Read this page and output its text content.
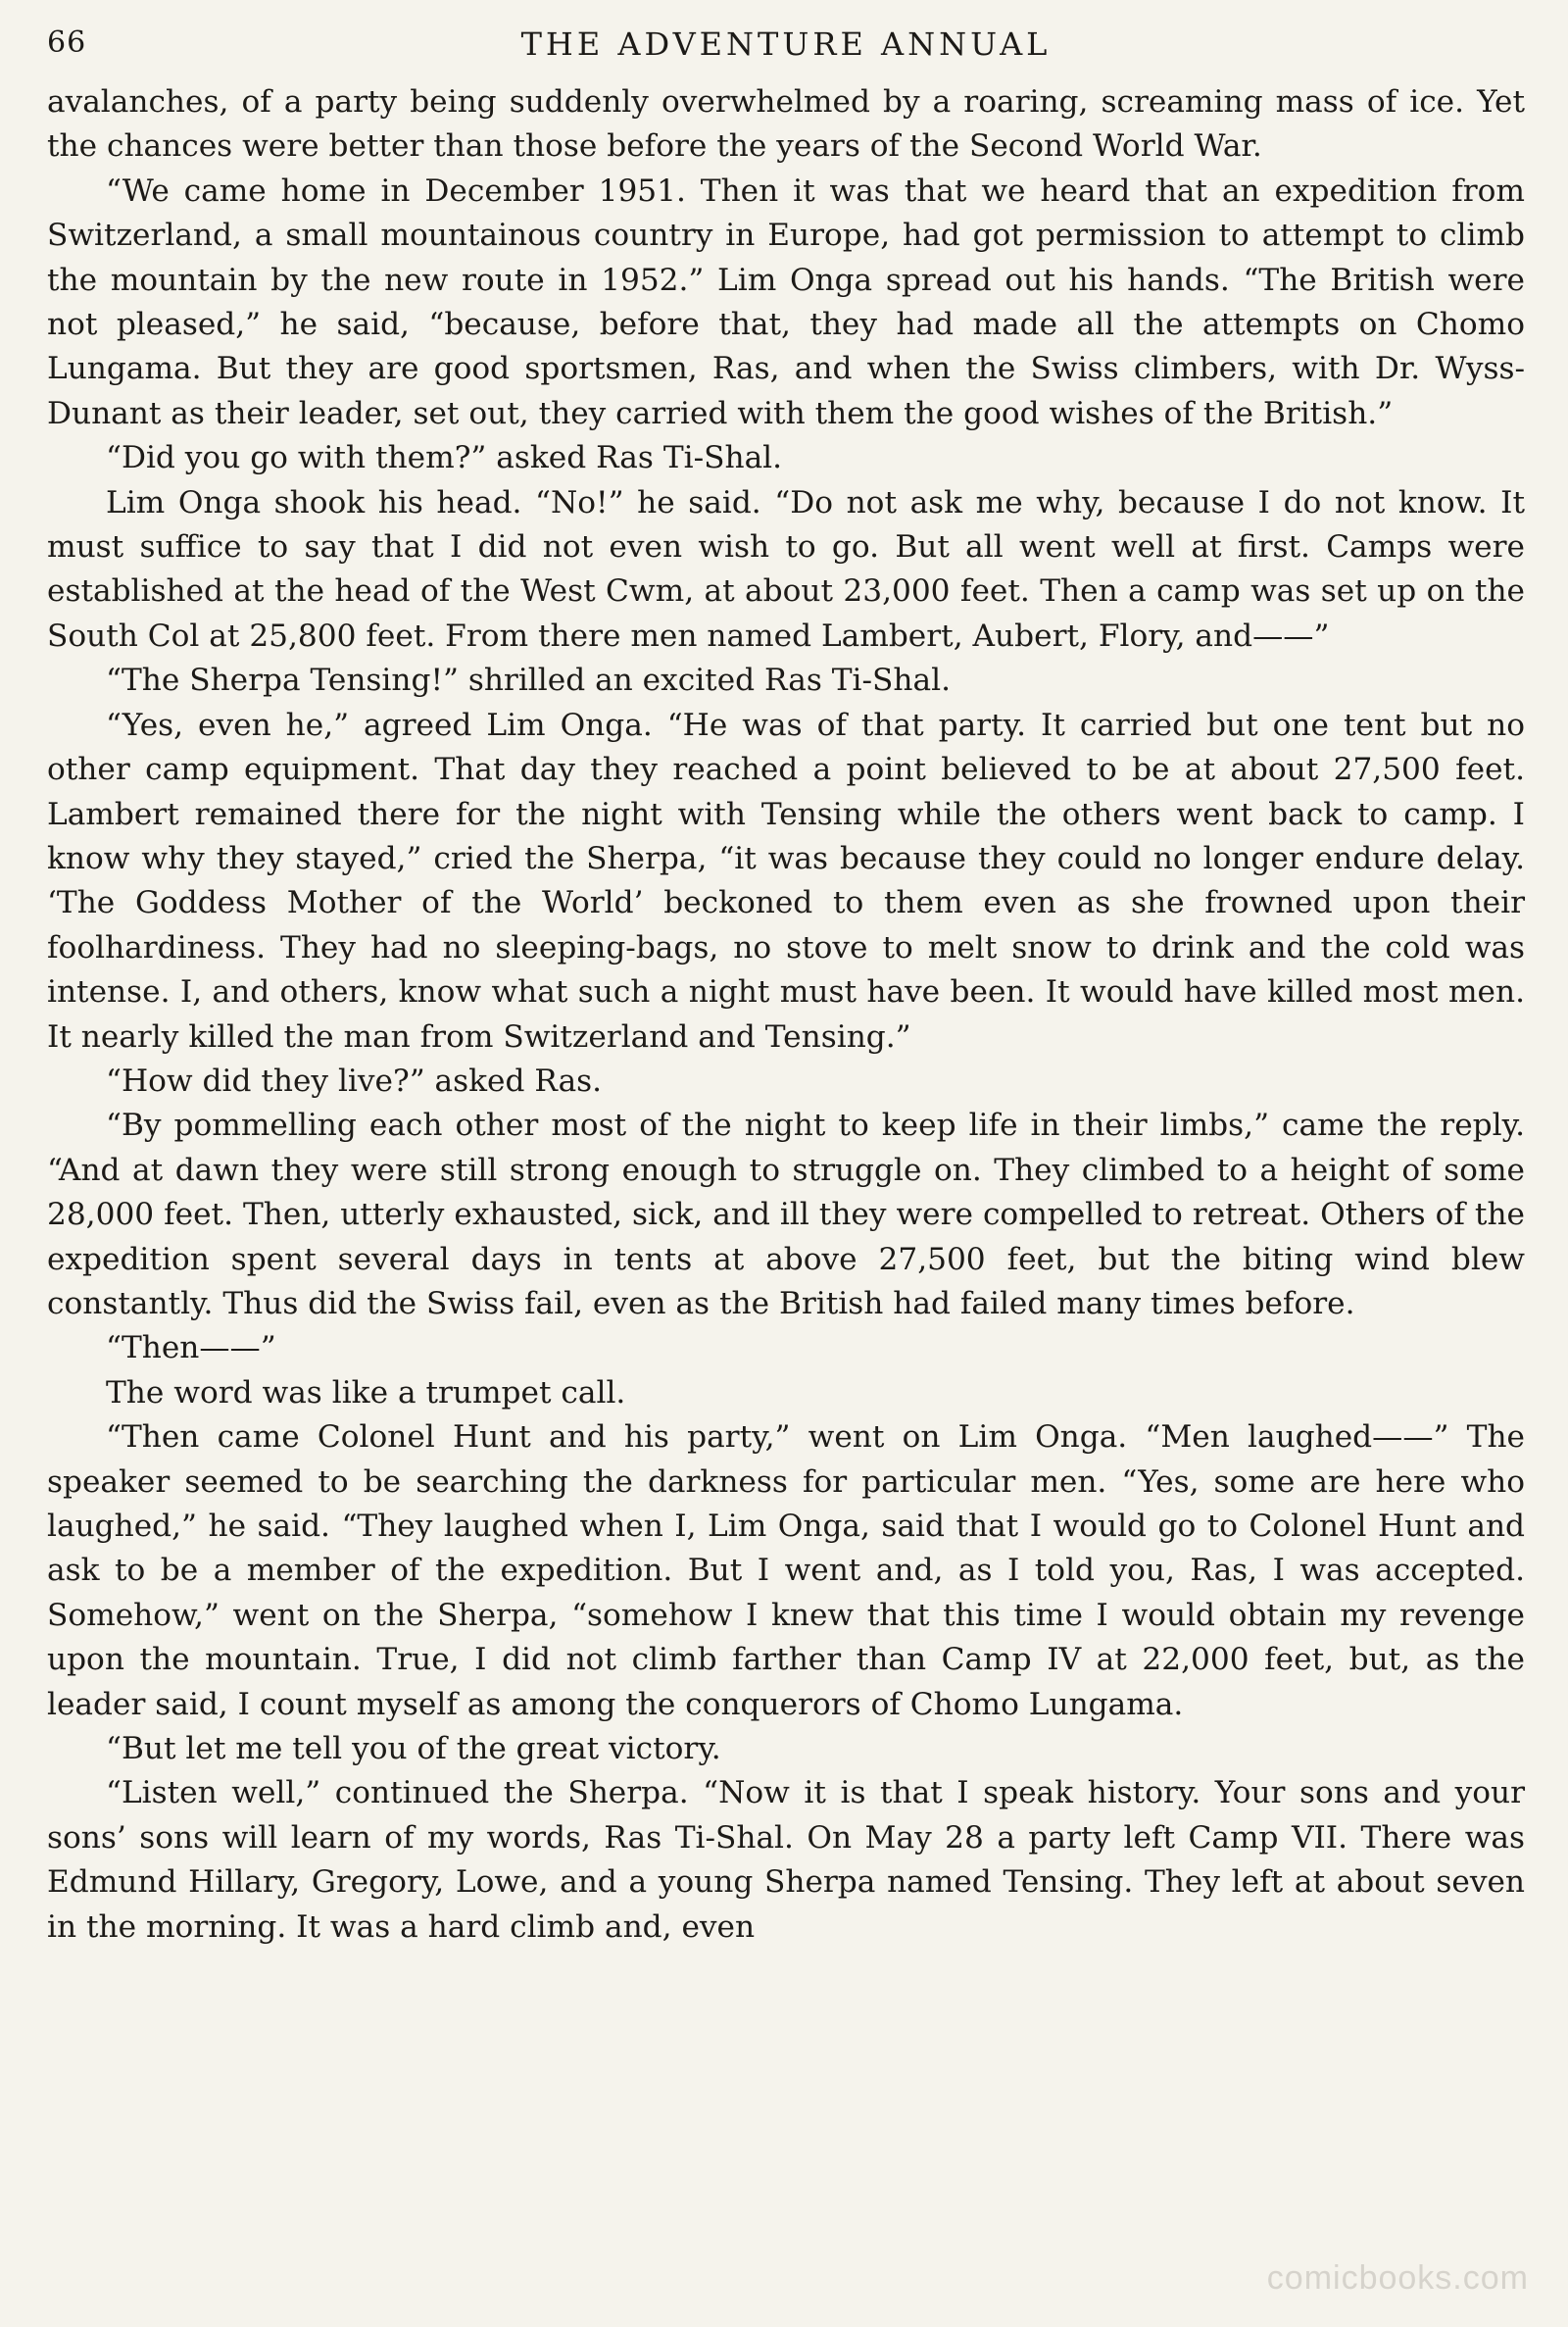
66	THE ADVENTURE ANNUAL

avalanches, of a party being suddenly overwhelmed by a roaring, screaming mass of ice. Yet the chances were better than those before the years of the Second World War.

“We came home in December 1951. Then it was that we heard that an expedition from Switzerland, a small mountainous country in Europe, had got permission to attempt to climb the mountain by the new route in 1952.” Lim Onga spread out his hands. “The British were not pleased,” he said, “because, before that, they had made all the attempts on Chomo Lungama. But they are good sportsmen, Ras, and when the Swiss climbers, with Dr. Wyss-Dunant as their leader, set out, they carried with them the good wishes of the British.”

“Did you go with them?” asked Ras Ti-Shal.

Lim Onga shook his head. “No!” he said. “Do not ask me why, because I do not know. It must suffice to say that I did not even wish to go. But all went well at first. Camps were established at the head of the West Cwm, at about 23,000 feet. Then a camp was set up on the South Col at 25,800 feet. From there men named Lambert, Aubert, Flory, and——”

“The Sherpa Tensing!” shrilled an excited Ras Ti-Shal.

“Yes, even he,” agreed Lim Onga. “He was of that party. It carried but one tent but no other camp equipment. That day they reached a point believed to be at about 27,500 feet. Lambert remained there for the night with Tensing while the others went back to camp. I know why they stayed,” cried the Sherpa, “it was because they could no longer endure delay. ‘The Goddess Mother of the World’ beckoned to them even as she frowned upon their foolhardiness. They had no sleeping-bags, no stove to melt snow to drink and the cold was intense. I, and others, know what such a night must have been. It would have killed most men. It nearly killed the man from Switzerland and Tensing.”

“How did they live?” asked Ras.

“By pommelling each other most of the night to keep life in their limbs,” came the reply. “And at dawn they were still strong enough to struggle on. They climbed to a height of some 28,000 feet. Then, utterly exhausted, sick, and ill they were compelled to retreat. Others of the expedition spent several days in tents at above 27,500 feet, but the biting wind blew constantly. Thus did the Swiss fail, even as the British had failed many times before.

“Then——”

The word was like a trumpet call.

“Then came Colonel Hunt and his party,” went on Lim Onga. “Men laughed——” The speaker seemed to be searching the darkness for particular men. “Yes, some are here who laughed,” he said. “They laughed when I, Lim Onga, said that I would go to Colonel Hunt and ask to be a member of the expedition. But I went and, as I told you, Ras, I was accepted. Somehow,” went on the Sherpa, “somehow I knew that this time I would obtain my revenge upon the mountain. True, I did not climb farther than Camp IV at 22,000 feet, but, as the leader said, I count myself as among the conquerors of Chomo Lungama.

“But let me tell you of the great victory.

“Listen well,” continued the Sherpa. “Now it is that I speak history. Your sons and your sons’ sons will learn of my words, Ras Ti-Shal. On May 28 a party left Camp VII. There was Edmund Hillary, Gregory, Lowe, and a young Sherpa named Tensing. They left at about seven in the morning. It was a hard climb and, even

comicbooks.com
